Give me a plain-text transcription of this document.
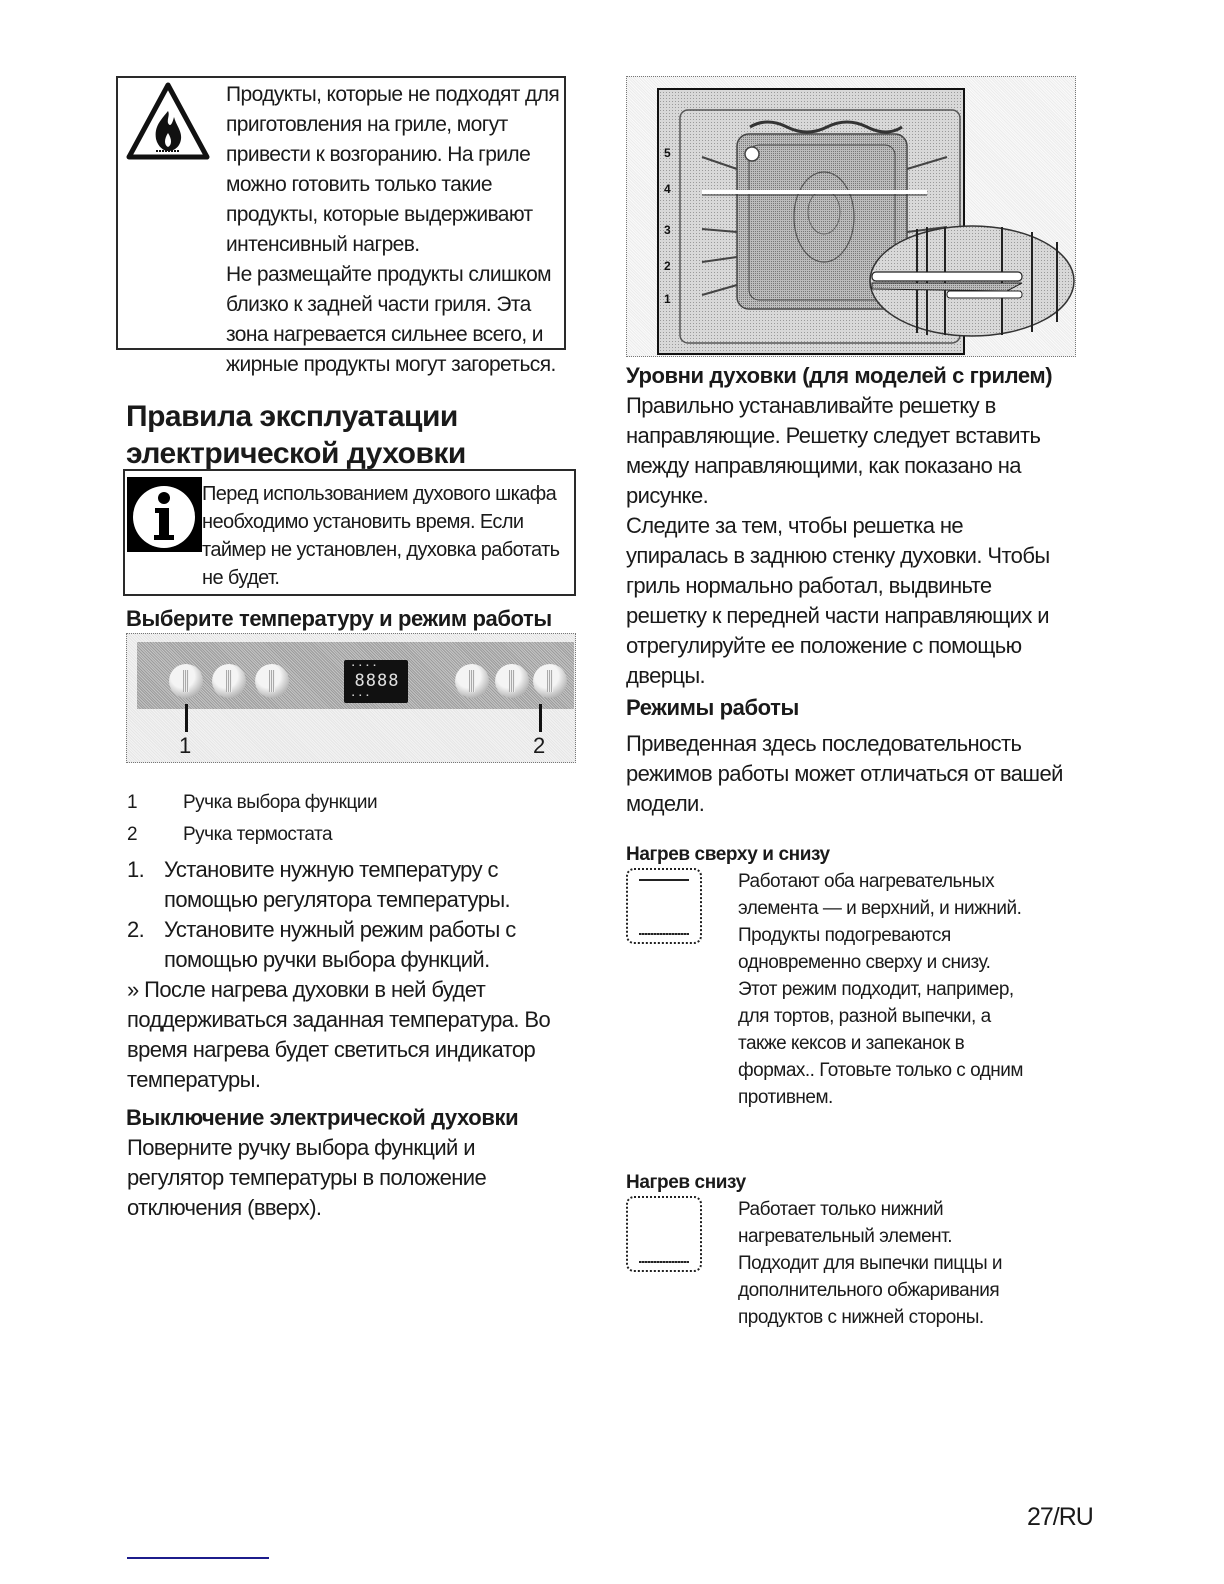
Продукты, которые не подходят для
приготовления на гриле, могут
привести к возгоранию. На гриле
можно готовить только такие
продукты, которые выдерживают
интенсивный нагрев.
Не размещайте продукты слишком
близко к задней части гриля. Эта
зона нагревается сильнее всего, и
жирные продукты могут загореться.
Правила эксплуатации
электрической духовки
Перед использованием духового шкафа
необходимо установить время. Если
таймер не установлен, духовка работать
не будет.
Выберите температуру и режим работы
▪▪▪▪
8888
▪▪▪
1	2
1 Ручка выбора функции
2 Ручка термостата
1. Установите нужную температуру с
помощью регулятора температуры.
2. Установите нужный режим работы с
помощью ручки выбора функций.
» После нагрева духовки в ней будет
поддерживаться заданная температура. Во
время нагрева будет светиться индикатор
температуры.
Выключение электрической духовки
Поверните ручку выбора функций и
регулятор температуры в положение
отключения (вверх).
5
4
3
2
1
Уровни духовки (для моделей с грилем)
Правильно устанавливайте решетку в
направляющие. Решетку следует вставить
между направляющими, как показано на
рисунке.
Следите за тем, чтобы решетка не
упиралась в заднюю стенку духовки. Чтобы
гриль нормально работал, выдвиньте
решетку к передней части направляющих и
отрегулируйте ее положение с помощью
дверцы.
Режимы работы
Приведенная здесь последовательность
режимов работы может отличаться от вашей
модели.
Нагрев сверху и снизу
Работают оба нагревательных
элемента — и верхний, и нижний.
Продукты подогреваются
одновременно сверху и снизу.
Этот режим подходит, например,
для тортов, разной выпечки, а
также кексов и запеканок в
формах.. Готовьте только с одним
противнем.
Нагрев снизу
Работает только нижний
нагревательный элемент.
Подходит для выпечки пиццы и
дополнительного обжаривания
продуктов с нижней стороны.
27/RU
